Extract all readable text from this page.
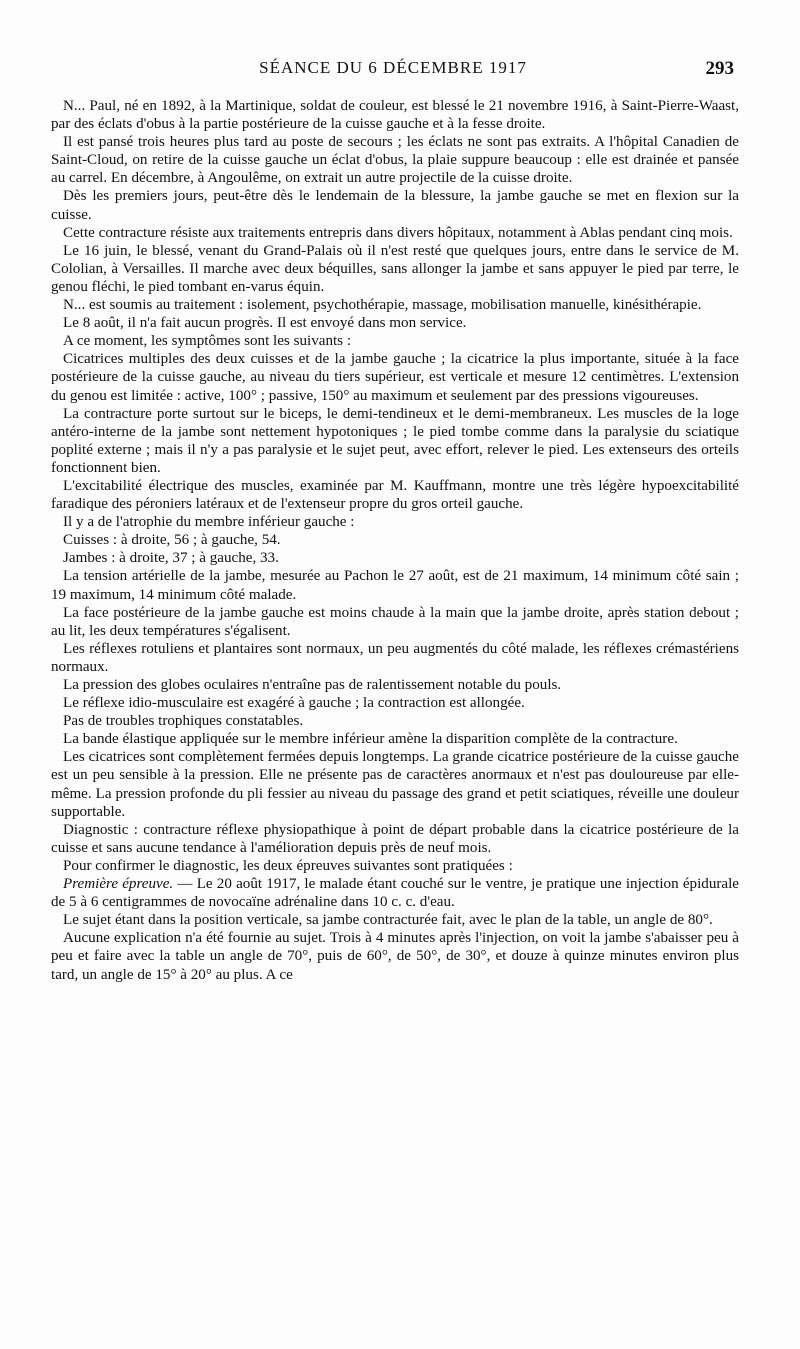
SÉANCE DU 6 DÉCEMBRE 1917	293

N... Paul, né en 1892, à la Martinique, soldat de couleur, est blessé le 21 novembre 1916, à Saint-Pierre-Waast, par des éclats d'obus à la partie postérieure de la cuisse gauche et à la fesse droite.

Il est pansé trois heures plus tard au poste de secours ; les éclats ne sont pas extraits. A l'hôpital Canadien de Saint-Cloud, on retire de la cuisse gauche un éclat d'obus, la plaie suppure beaucoup : elle est drainée et pansée au carrel. En décembre, à Angoulême, on extrait un autre projectile de la cuisse droite.

Dès les premiers jours, peut-être dès le lendemain de la blessure, la jambe gauche se met en flexion sur la cuisse.

Cette contracture résiste aux traitements entrepris dans divers hôpitaux, notamment à Ablas pendant cinq mois.

Le 16 juin, le blessé, venant du Grand-Palais où il n'est resté que quelques jours, entre dans le service de M. Cololian, à Versailles. Il marche avec deux béquilles, sans allonger la jambe et sans appuyer le pied par terre, le genou fléchi, le pied tombant en-varus équin.

N... est soumis au traitement : isolement, psychothérapie, massage, mobilisation manuelle, kinésithérapie.

Le 8 août, il n'a fait aucun progrès. Il est envoyé dans mon service.

A ce moment, les symptômes sont les suivants :

Cicatrices multiples des deux cuisses et de la jambe gauche ; la cicatrice la plus importante, située à la face postérieure de la cuisse gauche, au niveau du tiers supérieur, est verticale et mesure 12 centimètres. L'extension du genou est limitée : active, 100° ; passive, 150° au maximum et seulement par des pressions vigoureuses.

La contracture porte surtout sur le biceps, le demi-tendineux et le demi-membraneux. Les muscles de la loge antéro-interne de la jambe sont nettement hypotoniques ; le pied tombe comme dans la paralysie du sciatique poplité externe ; mais il n'y a pas paralysie et le sujet peut, avec effort, relever le pied. Les extenseurs des orteils fonctionnent bien.

L'excitabilité électrique des muscles, examinée par M. Kauffmann, montre une très légère hypoexcitabilité faradique des péroniers latéraux et de l'extenseur propre du gros orteil gauche.

Il y a de l'atrophie du membre inférieur gauche :

Cuisses : à droite, 56 ; à gauche, 54.

Jambes : à droite, 37 ; à gauche, 33.

La tension artérielle de la jambe, mesurée au Pachon le 27 août, est de 21 maximum, 14 minimum côté sain ; 19 maximum, 14 minimum côté malade.

La face postérieure de la jambe gauche est moins chaude à la main que la jambe droite, après station debout ; au lit, les deux températures s'égalisent.

Les réflexes rotuliens et plantaires sont normaux, un peu augmentés du côté malade, les réflexes crémastériens normaux.

La pression des globes oculaires n'entraîne pas de ralentissement notable du pouls.

Le réflexe idio-musculaire est exagéré à gauche ; la contraction est allongée.

Pas de troubles trophiques constatables.

La bande élastique appliquée sur le membre inférieur amène la disparition complète de la contracture.

Les cicatrices sont complètement fermées depuis longtemps. La grande cicatrice postérieure de la cuisse gauche est un peu sensible à la pression. Elle ne présente pas de caractères anormaux et n'est pas douloureuse par elle-même. La pression profonde du pli fessier au niveau du passage des grand et petit sciatiques, réveille une douleur supportable.

Diagnostic : contracture réflexe physiopathique à point de départ probable dans la cicatrice postérieure de la cuisse et sans aucune tendance à l'amélioration depuis près de neuf mois.

Pour confirmer le diagnostic, les deux épreuves suivantes sont pratiquées :

Première épreuve. — Le 20 août 1917, le malade étant couché sur le ventre, je pratique une injection épidurale de 5 à 6 centigrammes de novocaïne adrénaline dans 10 c. c. d'eau.

Le sujet étant dans la position verticale, sa jambe contracturée fait, avec le plan de la table, un angle de 80°.

Aucune explication n'a été fournie au sujet. Trois à 4 minutes après l'injection, on voit la jambe s'abaisser peu à peu et faire avec la table un angle de 70°, puis de 60°, de 50°, de 30°, et douze à quinze minutes environ plus tard, un angle de 15° à 20° au plus. A ce
